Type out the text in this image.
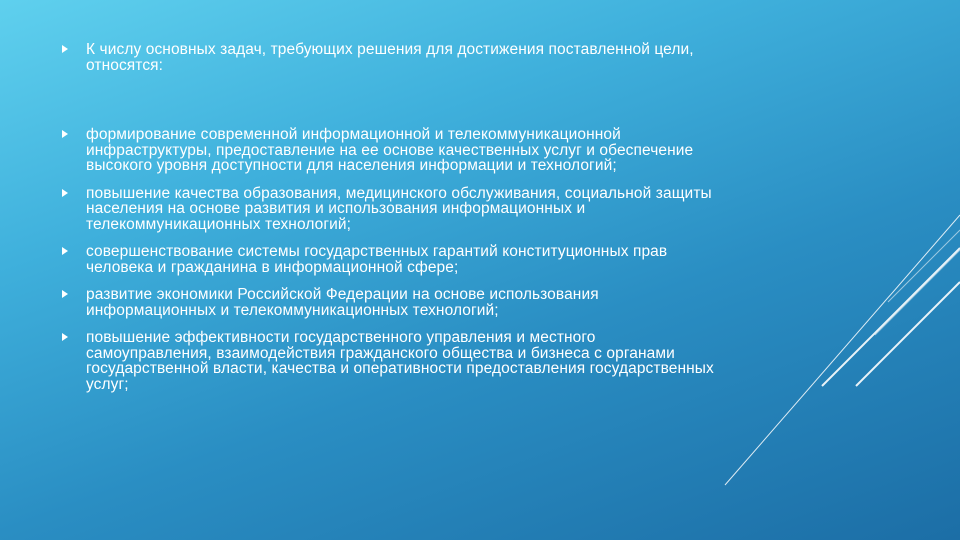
К числу основных задач, требующих решения для достижения поставленной цели, относятся:
формирование современной информационной и телекоммуникационной инфраструктуры, предоставление на ее основе качественных услуг и обеспечение высокого уровня доступности для населения информации и технологий;
повышение качества образования, медицинского обслуживания, социальной защиты населения на основе развития и использования информационных и телекоммуникационных технологий;
совершенствование системы государственных гарантий конституционных прав человека и гражданина в информационной сфере;
развитие экономики Российской Федерации на основе использования информационных и телекоммуникационных технологий;
повышение эффективности государственного управления и местного самоуправления, взаимодействия гражданского общества и бизнеса с органами государственной власти, качества и оперативности предоставления государственных услуг;
